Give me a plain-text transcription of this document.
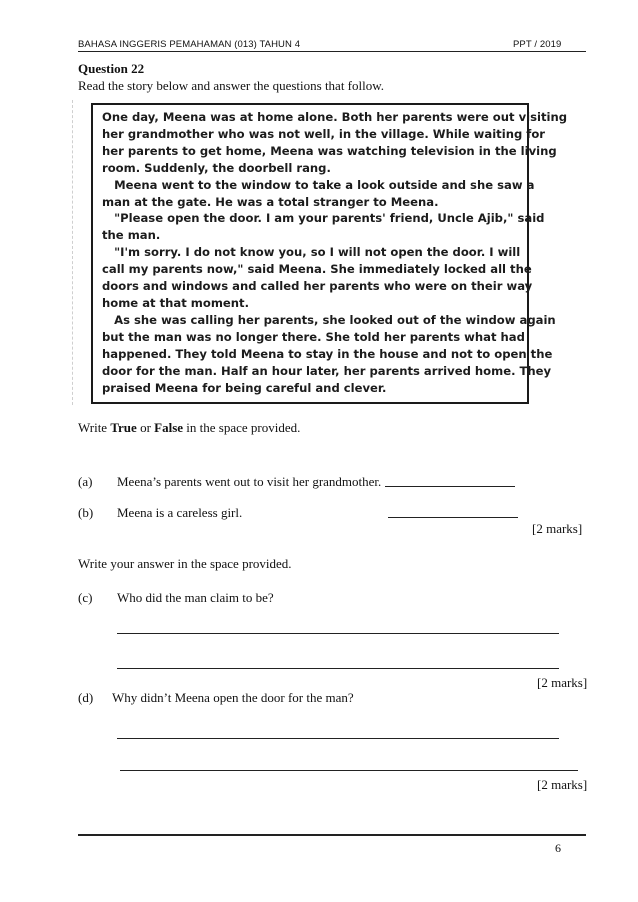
BAHASA INGGERIS PEMAHAMAN (013) TAHUN 4	PPT / 2019
Question 22
Read the story below and answer the questions that follow.
One day, Meena was at home alone. Both her parents were out visiting
her grandmother who was not well, in the village. While waiting for
her parents to get home, Meena was watching television in the living
room. Suddenly, the doorbell rang.
Meena went to the window to take a look outside and she saw a
man at the gate. He was a total stranger to Meena.
"Please open the door. I am your parents' friend, Uncle Ajib," said
the man.
"I'm sorry. I do not know you, so I will not open the door. I will
call my parents now," said Meena. She immediately locked all the
doors and windows and called her parents who were on their way
home at that moment.
As she was calling her parents, she looked out of the window again
but the man was no longer there. She told her parents what had
happened. They told Meena to stay in the house and not to open the
door for the man. Half an hour later, her parents arrived home. They
praised Meena for being careful and clever.
Write True or False in the space provided.
(a) Meena’s parents went out to visit her grandmother.
(b) Meena is a careless girl.
[2 marks]
Write your answer in the space provided.
(c) Who did the man claim to be?
[2 marks]
(d) Why didn’t Meena open the door for the man?
[2 marks]
6
